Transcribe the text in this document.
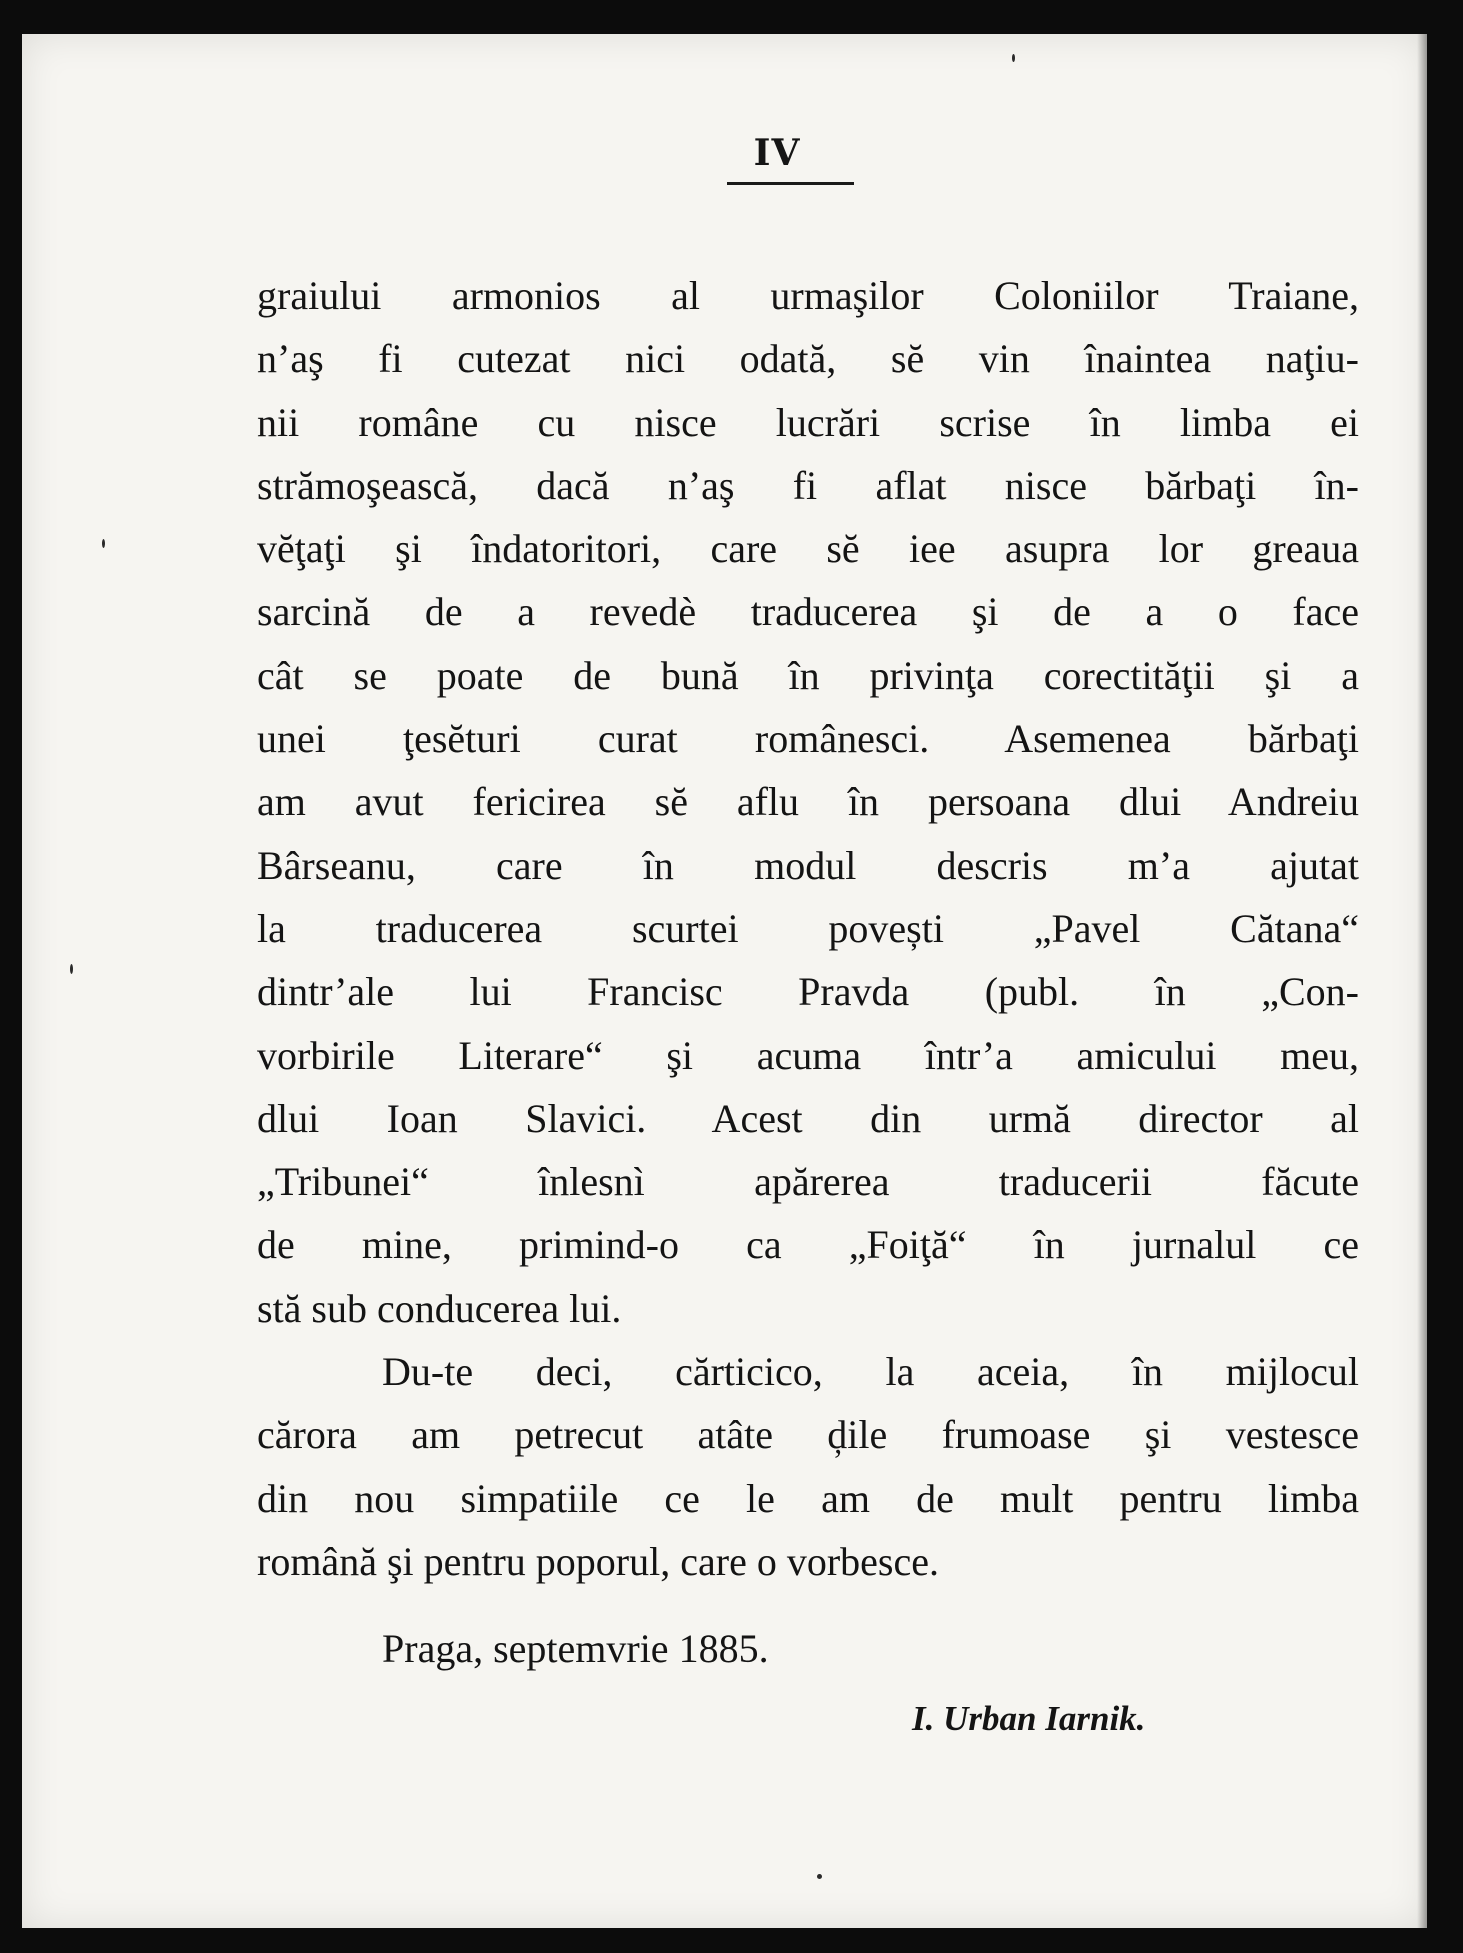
IV
graiului armonios al urmaşilor Coloniilor Traiane,
n’aş fi cutezat nici odată, sĕ vin înaintea naţiu-
nii române cu nisce lucrări scrise în limba ei
strămoşească, dacă n’aş fi aflat nisce bărbaţi în-
vĕţaţi şi îndatoritori, care sĕ iee asupra lor greaua
sarcină de a revedè traducerea şi de a o face
cât se poate de bună în privinţa corectităţii şi a
unei ţesĕturi curat românesci. Asemenea bărbaţi
am avut fericirea sĕ aflu în persoana dlui Andreiu
Bârseanu, care în modul descris m’a ajutat
la traducerea scurtei povești „Pavel Cătana“
dintr’ale lui Francisc Pravda (publ. în „Con-
vorbirile Literare“ şi acuma într’a amicului meu,
dlui Ioan Slavici. Acest din urmă director al
„Tribunei“ înlesnì apărerea traducerii făcute
de mine, primind-o ca „Foiţă“ în jurnalul ce
stă sub conducerea lui.
Du-te deci, cărticico, la aceia, în mijlocul
cărora am petrecut atâte ḑile frumoase şi vestesce
din nou simpatiile ce le am de mult pentru limba
română şi pentru poporul, care o vorbesce.
Praga, septemvrie 1885.
I. Urban Iarnik.
